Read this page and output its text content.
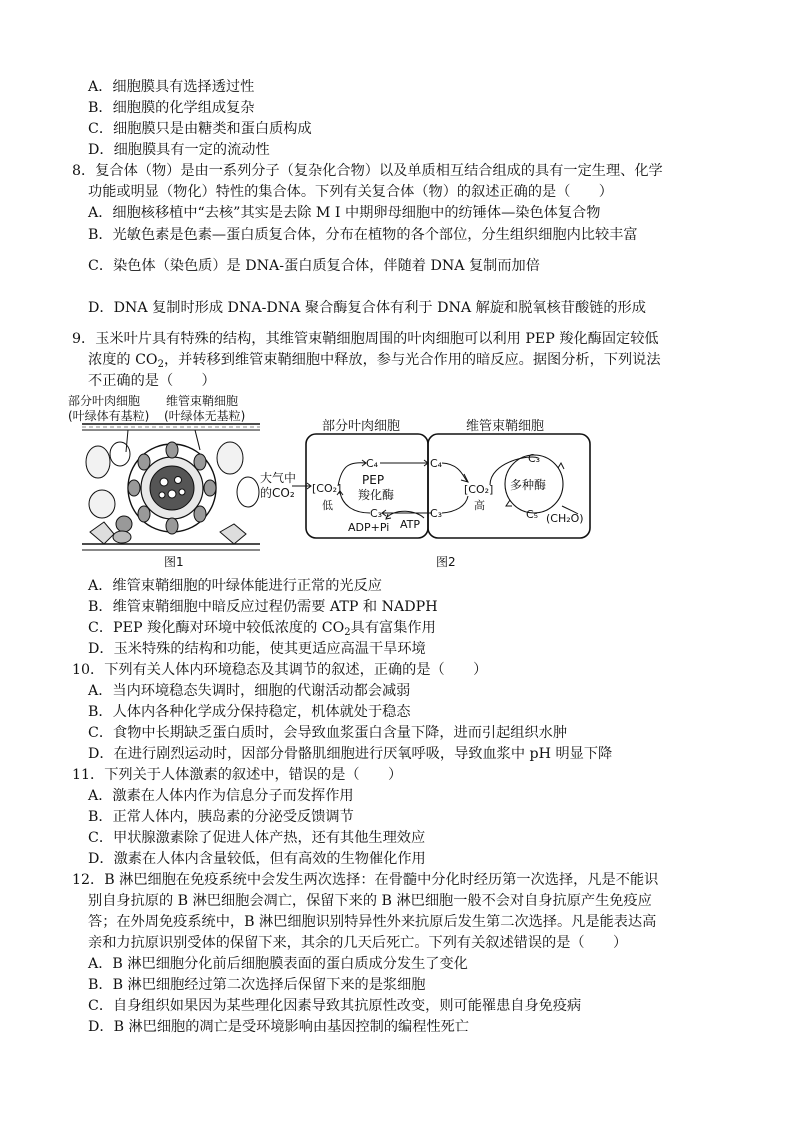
A．细胞膜具有选择透过性
B．细胞膜的化学组成复杂
C．细胞膜只是由糖类和蛋白质构成
D．细胞膜具有一定的流动性
8．复合体（物）是由一系列分子（复杂化合物）以及单质相互结合组成的具有一定生理、化学
功能或明显（物化）特性的集合体。下列有关复合体（物）的叙述正确的是（　　）
A．细胞核移植中“去核”其实是去除 M Ⅰ 中期卵母细胞中的纺锤体—染色体复合物
B．光敏色素是色素—蛋白质复合体，分布在植物的各个部位，分生组织细胞内比较丰富
C．染色体（染色质）是 DNA-蛋白质复合体，伴随着 DNA 复制而加倍
D．DNA 复制时形成 DNA-DNA 聚合酶复合体有利于 DNA 解旋和脱氧核苷酸链的形成
9．玉米叶片具有特殊的结构，其维管束鞘细胞周围的叶肉细胞可以利用 PEP 羧化酶固定较低
浓度的 $CO_2$，并转移到维管束鞘细胞中释放，参与光合作用的暗反应。据图分析，下列说法
不正确的是（　　）
部分叶肉细胞
(叶绿体有基粒)
维管束鞘细胞
(叶绿体无基粒)
图1
部分叶肉细胞	维管束鞘细胞
大气中
的CO₂ [CO₂]
低
C₄
PEP
羧化酶
C₃
ADP+Pi ATP
C₄
C₃
[CO₂]
高
C₃
多种酶
C₅ (CH₂O)
图2
A．维管束鞘细胞的叶绿体能进行正常的光反应
B．维管束鞘细胞中暗反应过程仍需要 ATP 和 NADPH
C．PEP 羧化酶对环境中较低浓度的 $CO_2$具有富集作用
D．玉米特殊的结构和功能，使其更适应高温干旱环境
10．下列有关人体内环境稳态及其调节的叙述，正确的是（　　）
A．当内环境稳态失调时，细胞的代谢活动都会减弱
B．人体内各种化学成分保持稳定，机体就处于稳态
C．食物中长期缺乏蛋白质时，会导致血浆蛋白含量下降，进而引起组织水肿
D．在进行剧烈运动时，因部分骨骼肌细胞进行厌氧呼吸，导致血浆中 pH 明显下降
11．下列关于人体激素的叙述中，错误的是（　　）
A．激素在人体内作为信息分子而发挥作用
B．正常人体内，胰岛素的分泌受反馈调节
C．甲状腺激素除了促进人体产热，还有其他生理效应
D．激素在人体内含量较低，但有高效的生物催化作用
12．B 淋巴细胞在免疫系统中会发生两次选择：在骨髓中分化时经历第一次选择，凡是不能识
别自身抗原的 B 淋巴细胞会凋亡，保留下来的 B 淋巴细胞一般不会对自身抗原产生免疫应
答；在外周免疫系统中，B 淋巴细胞识别特异性外来抗原后发生第二次选择。凡是能表达高
亲和力抗原识别受体的保留下来，其余的几天后死亡。下列有关叙述错误的是（　　）
A．B 淋巴细胞分化前后细胞膜表面的蛋白质成分发生了变化
B．B 淋巴细胞经过第二次选择后保留下来的是浆细胞
C．自身组织如果因为某些理化因素导致其抗原性改变，则可能罹患自身免疫病
D．B 淋巴细胞的凋亡是受环境影响由基因控制的编程性死亡
